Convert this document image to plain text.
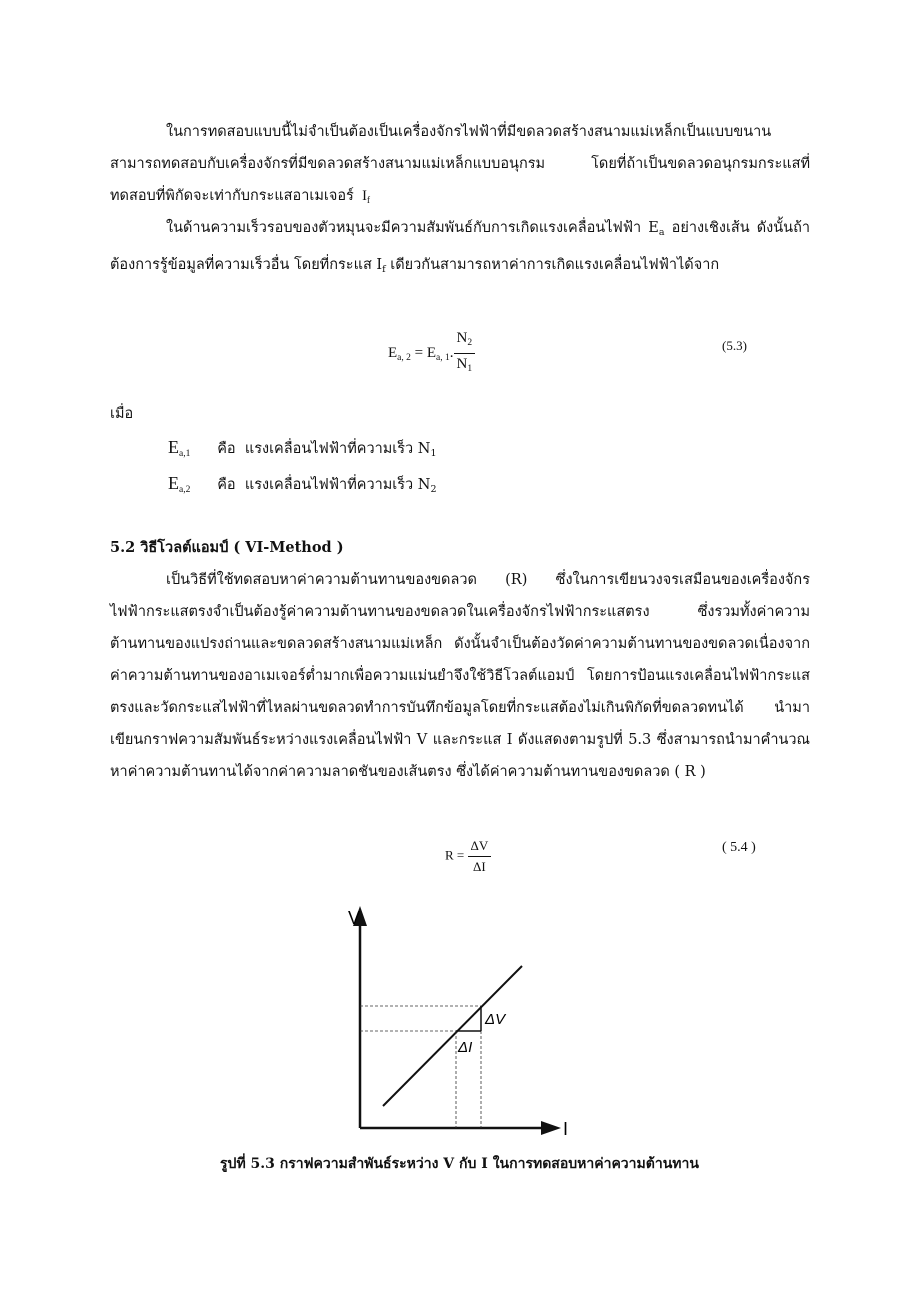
ในการทดสอบแบบนี้ไม่จำเป็นต้องเป็นเครื่องจักรไฟฟ้าที่มีขดลวดสร้างสนามแม่เหล็กเป็นแบบขนาน สามารถทดสอบกับเครื่องจักรที่มีขดลวดสร้างสนามแม่เหล็กแบบอนุกรม โดยที่ถ้าเป็นขดลวดอนุกรมกระแสที่ทดสอบที่พิกัดจะเท่ากับกระแสอาเมเจอร์ $I_f$
ในด้านความเร็วรอบของตัวหมุนจะมีความสัมพันธ์กับการเกิดแรงเคลื่อนไฟฟ้า $E_a$ อย่างเชิงเส้น ดังนั้นถ้าต้องการรู้ข้อมูลที่ความเร็วอื่น โดยที่กระแส $I_f$ เดียวกันสามารถหาค่าการเกิดแรงเคลื่อนไฟฟ้าได้จาก
$E_{a, 2} = E_{a, 1}$. $\frac{N_2}{N_1}$	(5.3)
เมื่อ
$E_{a,1}$ คือ แรงเคลื่อนไฟฟ้าที่ความเร็ว $N_1$
$E_{a,2}$ คือ แรงเคลื่อนไฟฟ้าที่ความเร็ว $N_2$
5.2 วิธีโวลต์แอมป์ ( VI-Method )
เป็นวิธีที่ใช้ทดสอบหาค่าความต้านทานของขดลวด (R) ซึ่งในการเขียนวงจรเสมือนของเครื่องจักรไฟฟ้ากระแสตรงจำเป็นต้องรู้ค่าความต้านทานของขดลวดในเครื่องจักรไฟฟ้ากระแสตรง ซึ่งรวมทั้งค่าความต้านทานของแปรงถ่านและขดลวดสร้างสนามแม่เหล็ก ดังนั้นจำเป็นต้องวัดค่าความต้านทานของขดลวดเนื่องจากค่าความต้านทานของอาเมเจอร์ต่ำมากเพื่อความแม่นยำจึงใช้วิธีโวลต์แอมป์ โดยการป้อนแรงเคลื่อนไฟฟ้ากระแสตรงและวัดกระแสไฟฟ้าที่ไหลผ่านขดลวดทำการบันทึกข้อมูลโดยที่กระแสต้องไม่เกินพิกัดที่ขดลวดทนได้ นำมาเขียนกราฟความสัมพันธ์ระหว่างแรงเคลื่อนไฟฟ้า V และกระแส I ดังแสดงตามรูปที่ 5.3 ซึ่งสามารถนำมาคำนวณหาค่าความต้านทานได้จากค่าความลาดชันของเส้นตรง ซึ่งได้ค่าความต้านทานของขดลวด ( R )
$R = \frac{\Delta V}{\Delta I}$	( 5.4 )
V
I
ΔV
ΔI
รูปที่ 5.3 กราฟความสำพันธ์ระหว่าง V กับ I ในการทดสอบหาค่าความต้านทาน
